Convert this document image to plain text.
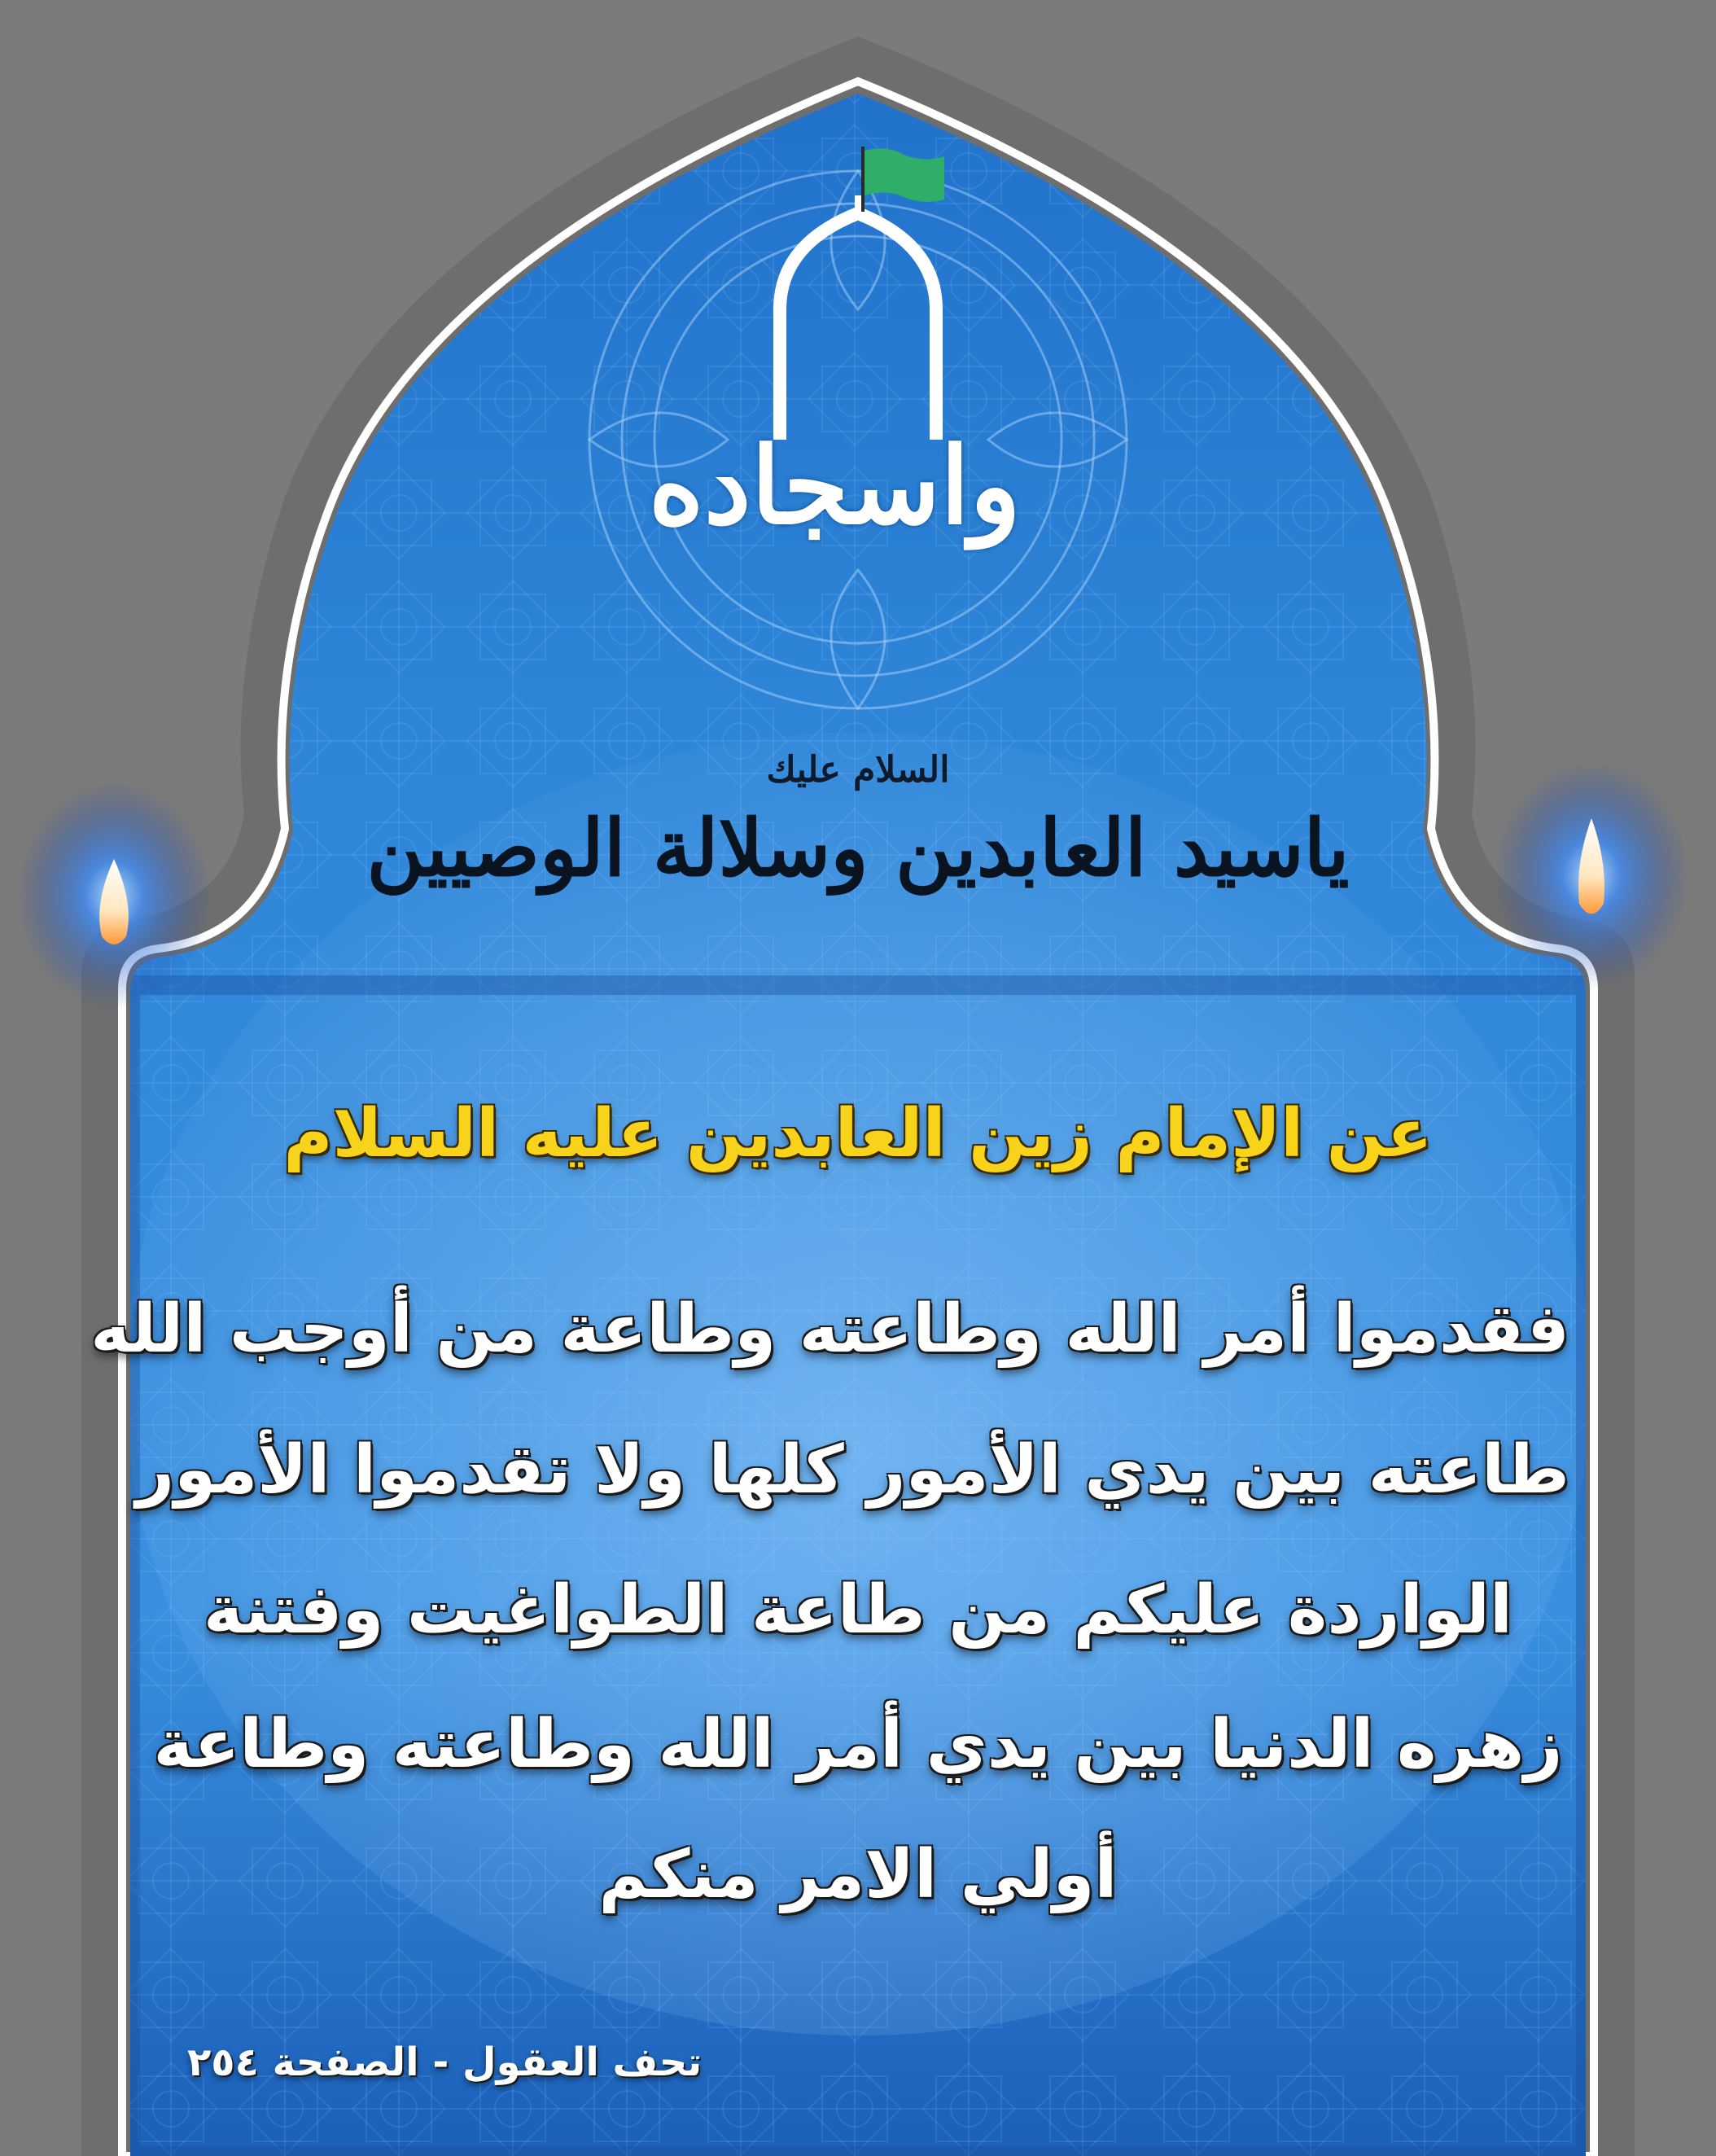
واسجاده
السلام عليك
ياسيد العابدين وسلالة الوصيين
عن الإمام زين العابدين عليه السلام
فقدموا أمر الله وطاعته وطاعة من أوجب الله
طاعته بين يدي الأمور كلها ولا تقدموا الأمور
الواردة عليكم من طاعة الطواغيت وفتنة
زهره الدنيا بين يدي أمر الله وطاعته وطاعة
أولي الامر منكم
تحف العقول - الصفحة ٢٥٤
